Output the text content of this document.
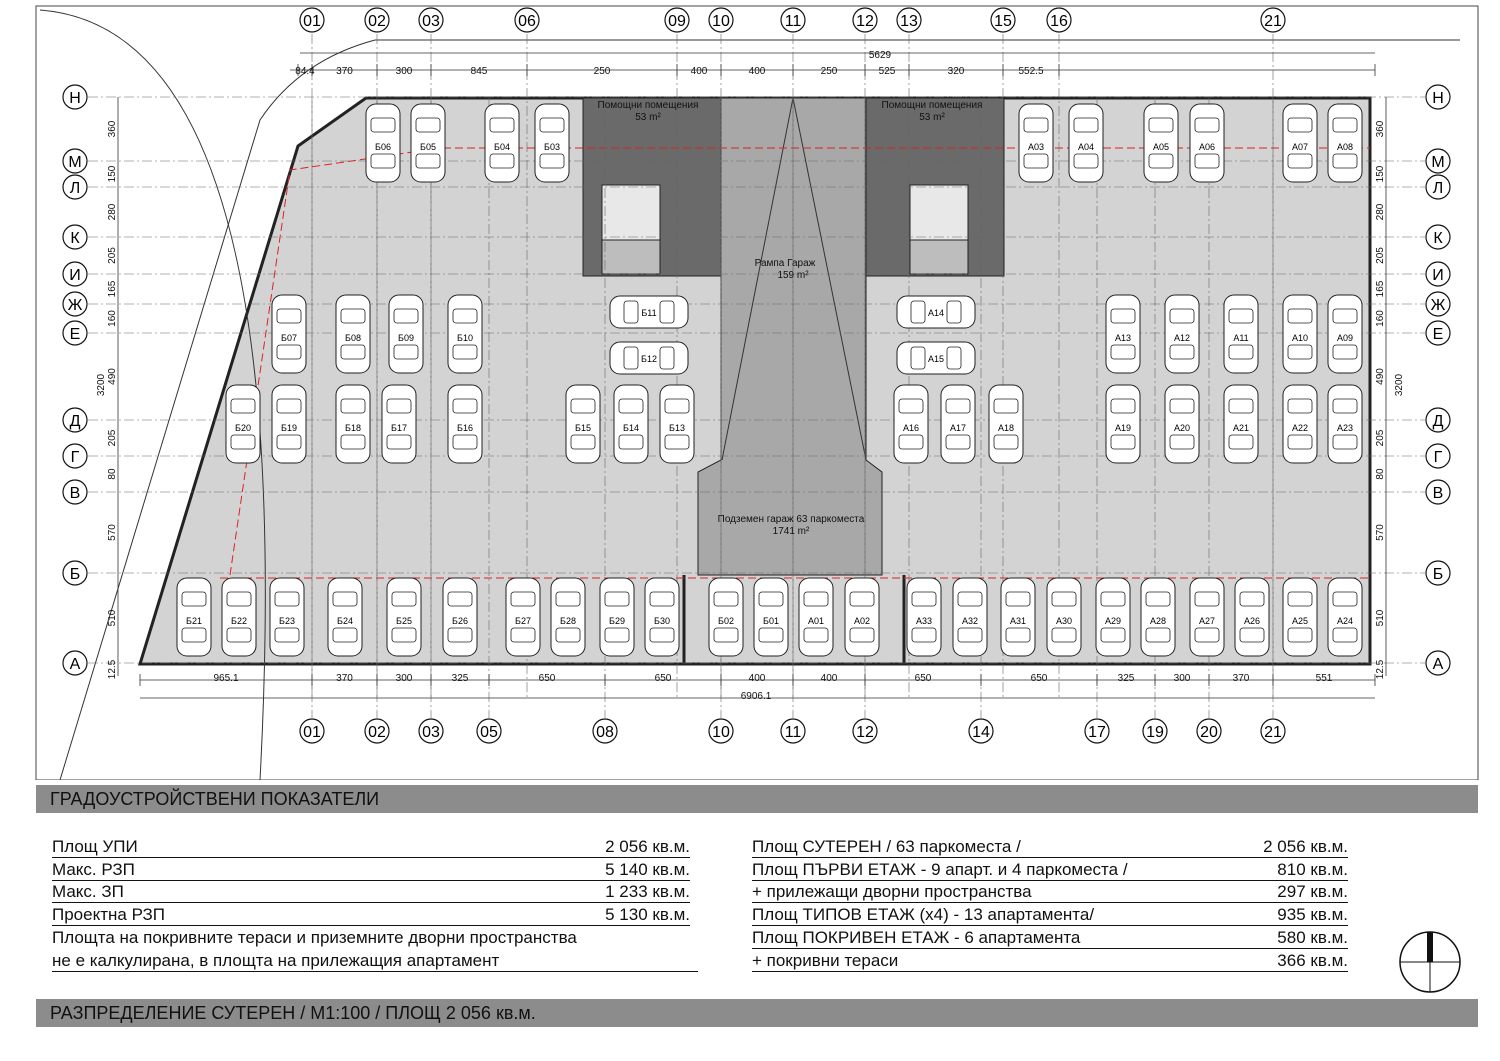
Б06	Б05	Б04	Б03	А03	А04	А05	А06	А07	А08
Б07	Б08	Б09	Б10
Б20	Б19	Б18	Б17	Б16	Б15	Б14	Б13
Б11
Б12
А14
А15
А13	А12	А11	А10	А09
А16	А17	А18	А19	А20	А21	А22	А23
Б21	Б22	Б23	Б24	Б25	Б26	Б27	Б28	Б29	Б30	Б02	Б01	А01	А02	А33	А32	А31	А30	А29	А28	А27	А26	А25	А24
01	02 03	06	09 10	11	12 13	15 16	21
01	02 03	05	08	10	11	12	14	17	19 20	21
Н	Н
М	М
Л	Л
К	К
И	И
Ж	Ж
Е	Е
Д	Д
Г	Г
В	В
Б	Б
А	А
5629
84.4 370	300	845	250	400	400	250	525	320	552.5
965.1	370	300	325	650	650	400	400	650	650	325	300	370	551
6906.1
360
150
280
205
165
160
490
205
80
570
510
12.5
360
150
280
205
165
160
490
205
80
570
510
12.5
3200	3200
Помощни помещения
53 m²
Помощни помещения
53 m²
Рампа Гараж
159 m²
Подземен гараж 63 паркоместа
1741 m²
ГРАДОУСТРОЙСТВЕНИ ПОКАЗАТЕЛИ
Площ УПИ	2 056 кв.м.
Макс. РЗП	5 140 кв.м.
Макс. ЗП	1 233 кв.м.
Проектна РЗП	5 130 кв.м.
Площта на покривните тераси и приземните дворни пространства
не е калкулирана, в площта на прилежащия апартамент
Площ СУТЕРЕН / 63 паркоместа /	2 056 кв.м.
Площ ПЪРВИ ЕТАЖ - 9 апарт. и 4 паркоместа /	810 кв.м.
+ прилежащи дворни пространства	297 кв.м.
Площ ТИПОВ ЕТАЖ (х4) - 13 апартамента/	935 кв.м.
Площ ПОКРИВЕН ЕТАЖ - 6 апартамента	580 кв.м.
+ покривни тераси	366 кв.м.
РАЗПРЕДЕЛЕНИЕ СУТЕРЕН / М1:100 / ПЛОЩ 2 056 кв.м.
